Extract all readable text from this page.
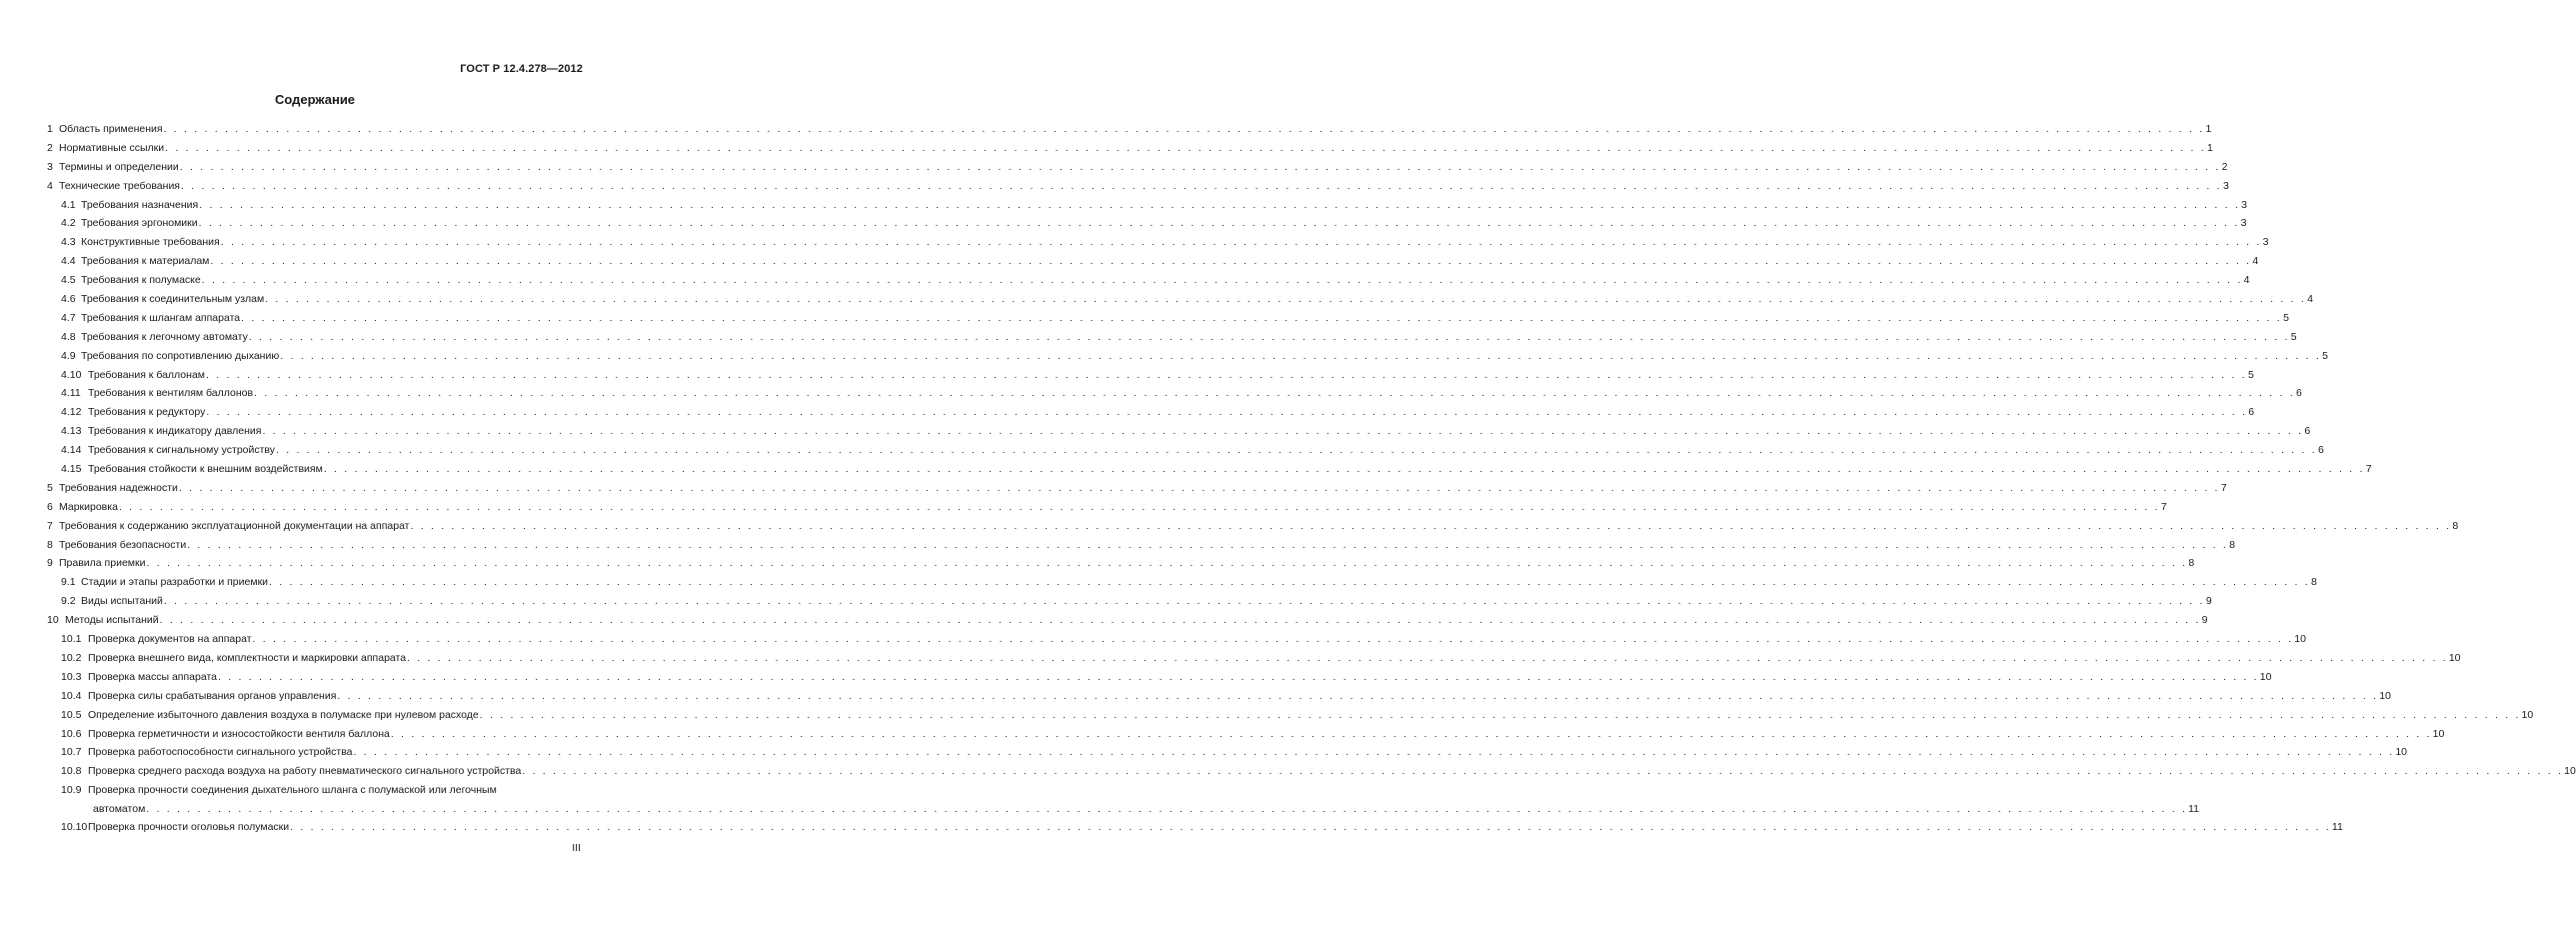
ГОСТ Р 12.4.278—2012
Содержание
1 Область применения . . . . . . . . . . . . . . . . . . . . . . . . . . . . . . . . . . . . . . . . . . . . . . . . . . . . . . . . . . . . . . . . . . . . . . . . . . . . . . . . . . . . . . . . . . . . . . . . . . . . . . . . . . . . . . . . . . . . . . . . . . . . . . . . . . . . . . . . . . . . . . . . . . . . . . . . . . . . . . . . . . . . . . . . . . . . . . . . . . . . . . . . . . . . . . . . . . . . . . . . 1
2 Нормативные ссылки . . . . . . . . . . . . . . . . . . . . . . . . . . . . . . . . . . . . . . . . . . . . . . . . . . . . . . . . . . . . . . . . . . . . . . . . . . . . . . . . . . . . . . . . . . . . . . . . . . . . . . . . . . . . . . . . . . . . . . . . . . . . . . . . . . . . . . . . . . . . . . . . . . . . . . . . . . . . . . . . . . . . . . . . . . . . . . . . . . . . . . . . . . . . . . . . . . . . . . . . 1
3 Термины и определении . . . . . . . . . . . . . . . . . . . . . . . . . . . . . . . . . . . . . . . . . . . . . . . . . . . . . . . . . . . . . . . . . . . . . . . . . . . . . . . . . . . . . . . . . . . . . . . . . . . . . . . . . . . . . . . . . . . . . . . . . . . . . . . . . . . . . . . . . . . . . . . . . . . . . . . . . . . . . . . . . . . . . . . . . . . . . . . . . . . . . . . . . . . . . . . . . . . . . . . . 2
4 Технические требования . . . . . . . . . . . . . . . . . . . . . . . . . . . . . . . . . . . . . . . . . . . . . . . . . . . . . . . . . . . . . . . . . . . . . . . . . . . . . . . . . . . . . . . . . . . . . . . . . . . . . . . . . . . . . . . . . . . . . . . . . . . . . . . . . . . . . . . . . . . . . . . . . . . . . . . . . . . . . . . . . . . . . . . . . . . . . . . . . . . . . . . . . . . . . . . . . . . . . . . . 3
4.1 Требования назначения . . . . . . . . . . . . . . . . . . . . . . . . . . . . . . . . . . . . . . . . . . . . . . . . . . . . . . . . . . . . . . . . . . . . . . . . . . . . . . . . . . . . . . . . . . . . . . . . . . . . . . . . . . . . . . . . . . . . . . . . . . . . . . . . . . . . . . . . . . . . . . . . . . . . . . . . . . . . . . . . . . . . . . . . . . . . . . . . . . . . . . . . . . . . . . . . . . . . . . . . 3
4.2 Требования эргономики . . . . . . . . . . . . . . . . . . . . . . . . . . . . . . . . . . . . . . . . . . . . . . . . . . . . . . . . . . . . . . . . . . . . . . . . . . . . . . . . . . . . . . . . . . . . . . . . . . . . . . . . . . . . . . . . . . . . . . . . . . . . . . . . . . . . . . . . . . . . . . . . . . . . . . . . . . . . . . . . . . . . . . . . . . . . . . . . . . . . . . . . . . . . . . . . . . . . . . . . 3
4.3 Конструктивные требования . . . . . . . . . . . . . . . . . . . . . . . . . . . . . . . . . . . . . . . . . . . . . . . . . . . . . . . . . . . . . . . . . . . . . . . . . . . . . . . . . . . . . . . . . . . . . . . . . . . . . . . . . . . . . . . . . . . . . . . . . . . . . . . . . . . . . . . . . . . . . . . . . . . . . . . . . . . . . . . . . . . . . . . . . . . . . . . . . . . . . . . . . . . . . . . . . . . . . . . . 3
4.4 Требования к материалам . . . . . . . . . . . . . . . . . . . . . . . . . . . . . . . . . . . . . . . . . . . . . . . . . . . . . . . . . . . . . . . . . . . . . . . . . . . . . . . . . . . . . . . . . . . . . . . . . . . . . . . . . . . . . . . . . . . . . . . . . . . . . . . . . . . . . . . . . . . . . . . . . . . . . . . . . . . . . . . . . . . . . . . . . . . . . . . . . . . . . . . . . . . . . . . . . . . . . . . . 4
4.5 Требования к полумаске . . . . . . . . . . . . . . . . . . . . . . . . . . . . . . . . . . . . . . . . . . . . . . . . . . . . . . . . . . . . . . . . . . . . . . . . . . . . . . . . . . . . . . . . . . . . . . . . . . . . . . . . . . . . . . . . . . . . . . . . . . . . . . . . . . . . . . . . . . . . . . . . . . . . . . . . . . . . . . . . . . . . . . . . . . . . . . . . . . . . . . . . . . . . . . . . . . . . . . . . 4
4.6 Требования к соединительным узлам . . . . . . . . . . . . . . . . . . . . . . . . . . . . . . . . . . . . . . . . . . . . . . . . . . . . . . . . . . . . . . . . . . . . . . . . . . . . . . . . . . . . . . . . . . . . . . . . . . . . . . . . . . . . . . . . . . . . . . . . . . . . . . . . . . . . . . . . . . . . . . . . . . . . . . . . . . . . . . . . . . . . . . . . . . . . . . . . . . . . . . . . . . . . . . . . . . . . . . . . 4
4.7 Требования к шлангам аппарата . . . . . . . . . . . . . . . . . . . . . . . . . . . . . . . . . . . . . . . . . . . . . . . . . . . . . . . . . . . . . . . . . . . . . . . . . . . . . . . . . . . . . . . . . . . . . . . . . . . . . . . . . . . . . . . . . . . . . . . . . . . . . . . . . . . . . . . . . . . . . . . . . . . . . . . . . . . . . . . . . . . . . . . . . . . . . . . . . . . . . . . . . . . . . . . . . . . . . . . . 5
4.8 Требования к легочному автомату . . . . . . . . . . . . . . . . . . . . . . . . . . . . . . . . . . . . . . . . . . . . . . . . . . . . . . . . . . . . . . . . . . . . . . . . . . . . . . . . . . . . . . . . . . . . . . . . . . . . . . . . . . . . . . . . . . . . . . . . . . . . . . . . . . . . . . . . . . . . . . . . . . . . . . . . . . . . . . . . . . . . . . . . . . . . . . . . . . . . . . . . . . . . . . . . . . . . . . . . 5
4.9 Требования по сопротивлению дыханию . . . . . . . . . . . . . . . . . . . . . . . . . . . . . . . . . . . . . . . . . . . . . . . . . . . . . . . . . . . . . . . . . . . . . . . . . . . . . . . . . . . . . . . . . . . . . . . . . . . . . . . . . . . . . . . . . . . . . . . . . . . . . . . . . . . . . . . . . . . . . . . . . . . . . . . . . . . . . . . . . . . . . . . . . . . . . . . . . . . . . . . . . . . . . . . . . . . . . . . . 5
4.10 Требования к баллонам . . . . . . . . . . . . . . . . . . . . . . . . . . . . . . . . . . . . . . . . . . . . . . . . . . . . . . . . . . . . . . . . . . . . . . . . . . . . . . . . . . . . . . . . . . . . . . . . . . . . . . . . . . . . . . . . . . . . . . . . . . . . . . . . . . . . . . . . . . . . . . . . . . . . . . . . . . . . . . . . . . . . . . . . . . . . . . . . . . . . . . . . . . . . . . . . . . . . . . . . 5
4.11 Требования к вентилям баллонов . . . . . . . . . . . . . . . . . . . . . . . . . . . . . . . . . . . . . . . . . . . . . . . . . . . . . . . . . . . . . . . . . . . . . . . . . . . . . . . . . . . . . . . . . . . . . . . . . . . . . . . . . . . . . . . . . . . . . . . . . . . . . . . . . . . . . . . . . . . . . . . . . . . . . . . . . . . . . . . . . . . . . . . . . . . . . . . . . . . . . . . . . . . . . . . . . . . . . . . . 6
4.12 Требования к редуктору . . . . . . . . . . . . . . . . . . . . . . . . . . . . . . . . . . . . . . . . . . . . . . . . . . . . . . . . . . . . . . . . . . . . . . . . . . . . . . . . . . . . . . . . . . . . . . . . . . . . . . . . . . . . . . . . . . . . . . . . . . . . . . . . . . . . . . . . . . . . . . . . . . . . . . . . . . . . . . . . . . . . . . . . . . . . . . . . . . . . . . . . . . . . . . . . . . . . . . . . 6
4.13 Требования к индикатору давления . . . . . . . . . . . . . . . . . . . . . . . . . . . . . . . . . . . . . . . . . . . . . . . . . . . . . . . . . . . . . . . . . . . . . . . . . . . . . . . . . . . . . . . . . . . . . . . . . . . . . . . . . . . . . . . . . . . . . . . . . . . . . . . . . . . . . . . . . . . . . . . . . . . . . . . . . . . . . . . . . . . . . . . . . . . . . . . . . . . . . . . . . . . . . . . . . . . . . . . . 6
4.14 Требования к сигнальному устройству . . . . . . . . . . . . . . . . . . . . . . . . . . . . . . . . . . . . . . . . . . . . . . . . . . . . . . . . . . . . . . . . . . . . . . . . . . . . . . . . . . . . . . . . . . . . . . . . . . . . . . . . . . . . . . . . . . . . . . . . . . . . . . . . . . . . . . . . . . . . . . . . . . . . . . . . . . . . . . . . . . . . . . . . . . . . . . . . . . . . . . . . . . . . . . . . . . . . . . . . 6
4.15 Требования стойкости к внешним воздействиям . . . . . . . . . . . . . . . . . . . . . . . . . . . . . . . . . . . . . . . . . . . . . . . . . . . . . . . . . . . . . . . . . . . . . . . . . . . . . . . . . . . . . . . . . . . . . . . . . . . . . . . . . . . . . . . . . . . . . . . . . . . . . . . . . . . . . . . . . . . . . . . . . . . . . . . . . . . . . . . . . . . . . . . . . . . . . . . . . . . . . . . . . . . . . . . . . . . . . . . . 7
5 Требования надежности . . . . . . . . . . . . . . . . . . . . . . . . . . . . . . . . . . . . . . . . . . . . . . . . . . . . . . . . . . . . . . . . . . . . . . . . . . . . . . . . . . . . . . . . . . . . . . . . . . . . . . . . . . . . . . . . . . . . . . . . . . . . . . . . . . . . . . . . . . . . . . . . . . . . . . . . . . . . . . . . . . . . . . . . . . . . . . . . . . . . . . . . . . . . . . . . . . . . . . . . 7
6 Маркировка . . . . . . . . . . . . . . . . . . . . . . . . . . . . . . . . . . . . . . . . . . . . . . . . . . . . . . . . . . . . . . . . . . . . . . . . . . . . . . . . . . . . . . . . . . . . . . . . . . . . . . . . . . . . . . . . . . . . . . . . . . . . . . . . . . . . . . . . . . . . . . . . . . . . . . . . . . . . . . . . . . . . . . . . . . . . . . . . . . . . . . . . . . . . . . . . . . . . . . . . 7
7 Требования к содержанию эксплуатационной документации на аппарат . . . . . . . . . . . . . . . . . . . . . . . . . . . . . . . . . . . . . . . . . . . . . . . . . . . . . . . . . . . . . . . . . . . . . . . . . . . . . . . . . . . . . . . . . . . . . . . . . . . . . . . . . . . . . . . . . . . . . . . . . . . . . . . . . . . . . . . . . . . . . . . . . . . . . . . . . . . . . . . . . . . . . . . . . . . . . . . . . . . . . . . . . . . . . . . . . . . . . . . . 8
8 Требования безопасности . . . . . . . . . . . . . . . . . . . . . . . . . . . . . . . . . . . . . . . . . . . . . . . . . . . . . . . . . . . . . . . . . . . . . . . . . . . . . . . . . . . . . . . . . . . . . . . . . . . . . . . . . . . . . . . . . . . . . . . . . . . . . . . . . . . . . . . . . . . . . . . . . . . . . . . . . . . . . . . . . . . . . . . . . . . . . . . . . . . . . . . . . . . . . . . . . . . . . . . . 8
9 Правила приемки . . . . . . . . . . . . . . . . . . . . . . . . . . . . . . . . . . . . . . . . . . . . . . . . . . . . . . . . . . . . . . . . . . . . . . . . . . . . . . . . . . . . . . . . . . . . . . . . . . . . . . . . . . . . . . . . . . . . . . . . . . . . . . . . . . . . . . . . . . . . . . . . . . . . . . . . . . . . . . . . . . . . . . . . . . . . . . . . . . . . . . . . . . . . . . . . . . . . . . . . 8
9.1 Стадии и этапы разработки и приемки . . . . . . . . . . . . . . . . . . . . . . . . . . . . . . . . . . . . . . . . . . . . . . . . . . . . . . . . . . . . . . . . . . . . . . . . . . . . . . . . . . . . . . . . . . . . . . . . . . . . . . . . . . . . . . . . . . . . . . . . . . . . . . . . . . . . . . . . . . . . . . . . . . . . . . . . . . . . . . . . . . . . . . . . . . . . . . . . . . . . . . . . . . . . . . . . . . . . . . . . 8
9.2 Виды испытаний . . . . . . . . . . . . . . . . . . . . . . . . . . . . . . . . . . . . . . . . . . . . . . . . . . . . . . . . . . . . . . . . . . . . . . . . . . . . . . . . . . . . . . . . . . . . . . . . . . . . . . . . . . . . . . . . . . . . . . . . . . . . . . . . . . . . . . . . . . . . . . . . . . . . . . . . . . . . . . . . . . . . . . . . . . . . . . . . . . . . . . . . . . . . . . . . . . . . . . . . 9
10 Методы испытаний . . . . . . . . . . . . . . . . . . . . . . . . . . . . . . . . . . . . . . . . . . . . . . . . . . . . . . . . . . . . . . . . . . . . . . . . . . . . . . . . . . . . . . . . . . . . . . . . . . . . . . . . . . . . . . . . . . . . . . . . . . . . . . . . . . . . . . . . . . . . . . . . . . . . . . . . . . . . . . . . . . . . . . . . . . . . . . . . . . . . . . . . . . . . . . . . . . . . . . . . 9
10.1 Проверка документов на аппарат . . . . . . . . . . . . . . . . . . . . . . . . . . . . . . . . . . . . . . . . . . . . . . . . . . . . . . . . . . . . . . . . . . . . . . . . . . . . . . . . . . . . . . . . . . . . . . . . . . . . . . . . . . . . . . . . . . . . . . . . . . . . . . . . . . . . . . . . . . . . . . . . . . . . . . . . . . . . . . . . . . . . . . . . . . . . . . . . . . . . . . . . . . . . . . . . . . . . . . . . 10
10.2 Проверка внешнего вида, комплектности и маркировки аппарата . . . . . . . . . . . . . . . . . . . . . . . . . . . . . . . . . . . . . . . . . . . . . . . . . . . . . . . . . . . . . . . . . . . . . . . . . . . . . . . . . . . . . . . . . . . . . . . . . . . . . . . . . . . . . . . . . . . . . . . . . . . . . . . . . . . . . . . . . . . . . . . . . . . . . . . . . . . . . . . . . . . . . . . . . . . . . . . . . . . . . . . . . . . . . . . . . . . . . . . . 10
10.3 Проверка массы аппарата . . . . . . . . . . . . . . . . . . . . . . . . . . . . . . . . . . . . . . . . . . . . . . . . . . . . . . . . . . . . . . . . . . . . . . . . . . . . . . . . . . . . . . . . . . . . . . . . . . . . . . . . . . . . . . . . . . . . . . . . . . . . . . . . . . . . . . . . . . . . . . . . . . . . . . . . . . . . . . . . . . . . . . . . . . . . . . . . . . . . . . . . . . . . . . . . . . . . . . . . 10
10.4 Проверка силы срабатывания органов управления . . . . . . . . . . . . . . . . . . . . . . . . . . . . . . . . . . . . . . . . . . . . . . . . . . . . . . . . . . . . . . . . . . . . . . . . . . . . . . . . . . . . . . . . . . . . . . . . . . . . . . . . . . . . . . . . . . . . . . . . . . . . . . . . . . . . . . . . . . . . . . . . . . . . . . . . . . . . . . . . . . . . . . . . . . . . . . . . . . . . . . . . . . . . . . . . . . . . . . . . 10
10.5 Определение избыточного давления воздуха в полумаске при нулевом расходе . . . . . . . . . . . . . . . . . . . . . . . . . . . . . . . . . . . . . . . . . . . . . . . . . . . . . . . . . . . . . . . . . . . . . . . . . . . . . . . . . . . . . . . . . . . . . . . . . . . . . . . . . . . . . . . . . . . . . . . . . . . . . . . . . . . . . . . . . . . . . . . . . . . . . . . . . . . . . . . . . . . . . . . . . . . . . . . . . . . . . . . . . . . . . . . . . . . . . . . . 10
10.6 Проверка герметичности и износостойкости вентиля баллона . . . . . . . . . . . . . . . . . . . . . . . . . . . . . . . . . . . . . . . . . . . . . . . . . . . . . . . . . . . . . . . . . . . . . . . . . . . . . . . . . . . . . . . . . . . . . . . . . . . . . . . . . . . . . . . . . . . . . . . . . . . . . . . . . . . . . . . . . . . . . . . . . . . . . . . . . . . . . . . . . . . . . . . . . . . . . . . . . . . . . . . . . . . . . . . . . . . . . . . . 10
10.7 Проверка работоспособности сигнального устройства . . . . . . . . . . . . . . . . . . . . . . . . . . . . . . . . . . . . . . . . . . . . . . . . . . . . . . . . . . . . . . . . . . . . . . . . . . . . . . . . . . . . . . . . . . . . . . . . . . . . . . . . . . . . . . . . . . . . . . . . . . . . . . . . . . . . . . . . . . . . . . . . . . . . . . . . . . . . . . . . . . . . . . . . . . . . . . . . . . . . . . . . . . . . . . . . . . . . . . . . 10
10.8 Проверка среднего расхода воздуха на работу пневматического сигнального устройства . . . . . . . . . . . . . . . . . . . . . . . . . . . . . . . . . . . . . . . . . . . . . . . . . . . . . . . . . . . . . . . . . . . . . . . . . . . . . . . . . . . . . . . . . . . . . . . . . . . . . . . . . . . . . . . . . . . . . . . . . . . . . . . . . . . . . . . . . . . . . . . . . . . . . . . . . . . . . . . . . . . . . . . . . . . . . . . . . . . . . . . . . . . . . . . . . . . . . . . . 10
10.9 Проверка прочности соединения дыхательного шланга с полумаской или легочным
автоматом . . . . . . . . . . . . . . . . . . . . . . . . . . . . . . . . . . . . . . . . . . . . . . . . . . . . . . . . . . . . . . . . . . . . . . . . . . . . . . . . . . . . . . . . . . . . . . . . . . . . . . . . . . . . . . . . . . . . . . . . . . . . . . . . . . . . . . . . . . . . . . . . . . . . . . . . . . . . . . . . . . . . . . . . . . . . . . . . . . . . . . . . . . . . . . . . . . . . . . . . 11
10.10 Проверка прочности оголовья полумаски . . . . . . . . . . . . . . . . . . . . . . . . . . . . . . . . . . . . . . . . . . . . . . . . . . . . . . . . . . . . . . . . . . . . . . . . . . . . . . . . . . . . . . . . . . . . . . . . . . . . . . . . . . . . . . . . . . . . . . . . . . . . . . . . . . . . . . . . . . . . . . . . . . . . . . . . . . . . . . . . . . . . . . . . . . . . . . . . . . . . . . . . . . . . . . . . . . . . . . . . 11
III
